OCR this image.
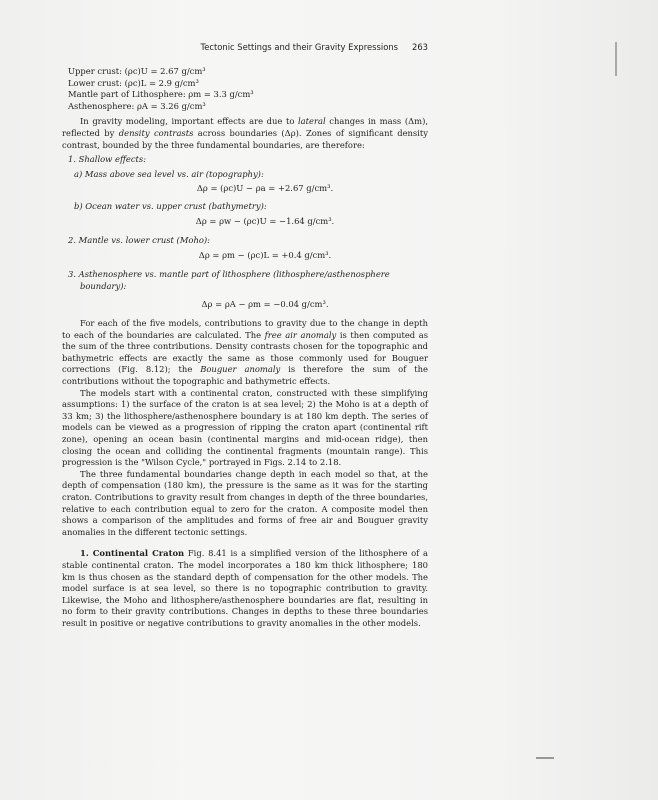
Tectonic Settings and their Gravity Expressions 263

Upper crust: (ρc)U = 2.67 g/cm³

Lower crust: (ρc)L = 2.9 g/cm³

Mantle part of Lithosphere: ρm = 3.3 g/cm³

Asthenosphere: ρA = 3.26 g/cm³

In gravity modeling, important effects are due to lateral changes in mass (Δm), reflected by density contrasts across boundaries (Δρ). Zones of significant density contrast, bounded by the three fundamental boundaries, are therefore:

1. Shallow effects:

a) Mass above sea level vs. air (topography):

Δρ = (ρc)U − ρa = +2.67 g/cm³.

b) Ocean water vs. upper crust (bathymetry):

Δρ = ρw − (ρc)U = −1.64 g/cm³.

2. Mantle vs. lower crust (Moho):

Δρ = ρm − (ρc)L = +0.4 g/cm³.

3. Asthenosphere vs. mantle part of lithosphere (lithosphere/asthenosphere boundary):

Δρ = ρA − ρm = −0.04 g/cm³.

For each of the five models, contributions to gravity due to the change in depth to each of the boundaries are calculated. The free air anomaly is then computed as the sum of the three contributions. Density contrasts chosen for the topographic and bathymetric effects are exactly the same as those commonly used for Bouguer corrections (Fig. 8.12); the Bouguer anomaly is therefore the sum of the contributions without the topographic and bathymetric effects.

The models start with a continental craton, constructed with these simplifying assumptions: 1) the surface of the craton is at sea level; 2) the Moho is at a depth of 33 km; 3) the lithosphere/asthenosphere boundary is at 180 km depth. The series of models can be viewed as a progression of ripping the craton apart (continental rift zone), opening an ocean basin (continental margins and mid-ocean ridge), then closing the ocean and colliding the continental fragments (mountain range). This progression is the "Wilson Cycle," portrayed in Figs. 2.14 to 2.18.

The three fundamental boundaries change depth in each model so that, at the depth of compensation (180 km), the pressure is the same as it was for the starting craton. Contributions to gravity result from changes in depth of the three boundaries, relative to each contribution equal to zero for the craton. A composite model then shows a comparison of the amplitudes and forms of free air and Bouguer gravity anomalies in the different tectonic settings.

1. Continental Craton Fig. 8.41 is a simplified version of the lithosphere of a stable continental craton. The model incorporates a 180 km thick lithosphere; 180 km is thus chosen as the standard depth of compensation for the other models. The model surface is at sea level, so there is no topographic contribution to gravity. Likewise, the Moho and lithosphere/asthenosphere boundaries are flat, resulting in no form to their gravity contributions. Changes in depths to these three boundaries result in positive or negative contributions to gravity anomalies in the other models.
